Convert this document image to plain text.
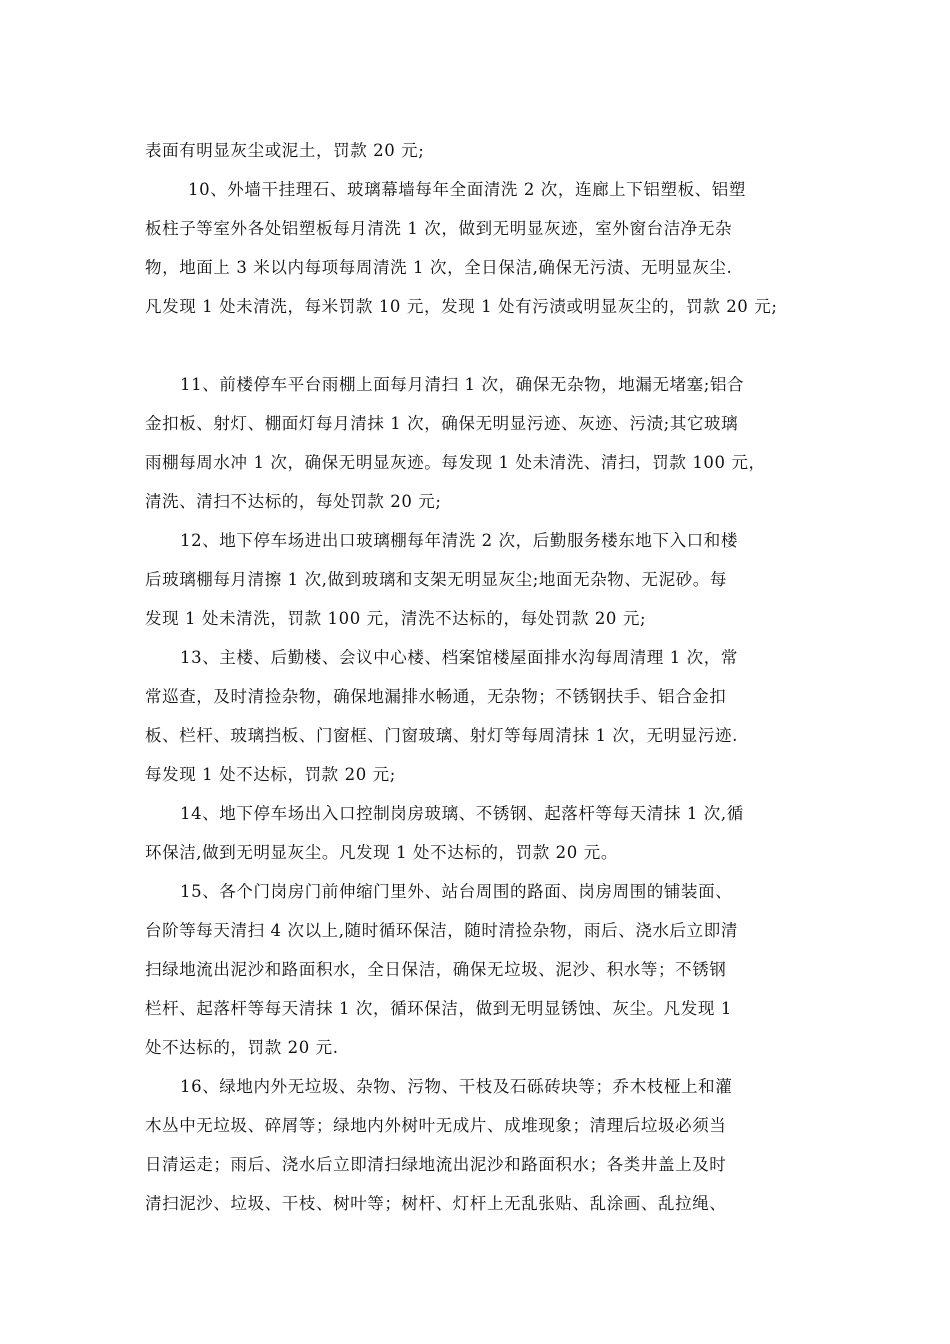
表面有明显灰尘或泥土，罚款 20 元;
10、外墙干挂理石、玻璃幕墙每年全面清洗 2 次，连廊上下铝塑板、铝塑
板柱子等室外各处铝塑板每月清洗 1 次，做到无明显灰迹，室外窗台洁净无杂
物，地面上 3 米以内每项每周清洗 1 次，全日保洁,确保无污渍、无明显灰尘.
凡发现 1 处未清洗，每米罚款 10 元，发现 1 处有污渍或明显灰尘的，罚款 20 元;
11、前楼停车平台雨棚上面每月清扫 1 次，确保无杂物，地漏无堵塞;铝合
金扣板、射灯、棚面灯每月清抹 1 次，确保无明显污迹、灰迹、污渍;其它玻璃
雨棚每周水冲 1 次，确保无明显灰迹。每发现 1 处未清洗、清扫，罚款 100 元，
清洗、清扫不达标的，每处罚款 20 元;
12、地下停车场进出口玻璃棚每年清洗 2 次，后勤服务楼东地下入口和楼
后玻璃棚每月清擦 1 次,做到玻璃和支架无明显灰尘;地面无杂物、无泥砂。每
发现 1 处未清洗，罚款 100 元，清洗不达标的，每处罚款 20 元;
13、主楼、后勤楼、会议中心楼、档案馆楼屋面排水沟每周清理 1 次，常
常巡查，及时清捡杂物，确保地漏排水畅通，无杂物；不锈钢扶手、铝合金扣
板、栏杆、玻璃挡板、门窗框、门窗玻璃、射灯等每周清抹 1 次，无明显污迹.
每发现 1 处不达标，罚款 20 元;
14、地下停车场出入口控制岗房玻璃、不锈钢、起落杆等每天清抹 1 次,循
环保洁,做到无明显灰尘。凡发现 1 处不达标的，罚款 20 元。
15、各个门岗房门前伸缩门里外、站台周围的路面、岗房周围的铺装面、
台阶等每天清扫 4 次以上,随时循环保洁，随时清捡杂物，雨后、浇水后立即清
扫绿地流出泥沙和路面积水，全日保洁，确保无垃圾、泥沙、积水等；不锈钢
栏杆、起落杆等每天清抹 1 次，循环保洁，做到无明显锈蚀、灰尘。凡发现 1
处不达标的，罚款 20 元.
16、绿地内外无垃圾、杂物、污物、干枝及石砾砖块等；乔木枝桠上和灌
木丛中无垃圾、碎屑等；绿地内外树叶无成片、成堆现象；清理后垃圾必须当
日清运走；雨后、浇水后立即清扫绿地流出泥沙和路面积水；各类井盖上及时
清扫泥沙、垃圾、干枝、树叶等；树杆、灯杆上无乱张贴、乱涂画、乱拉绳、
